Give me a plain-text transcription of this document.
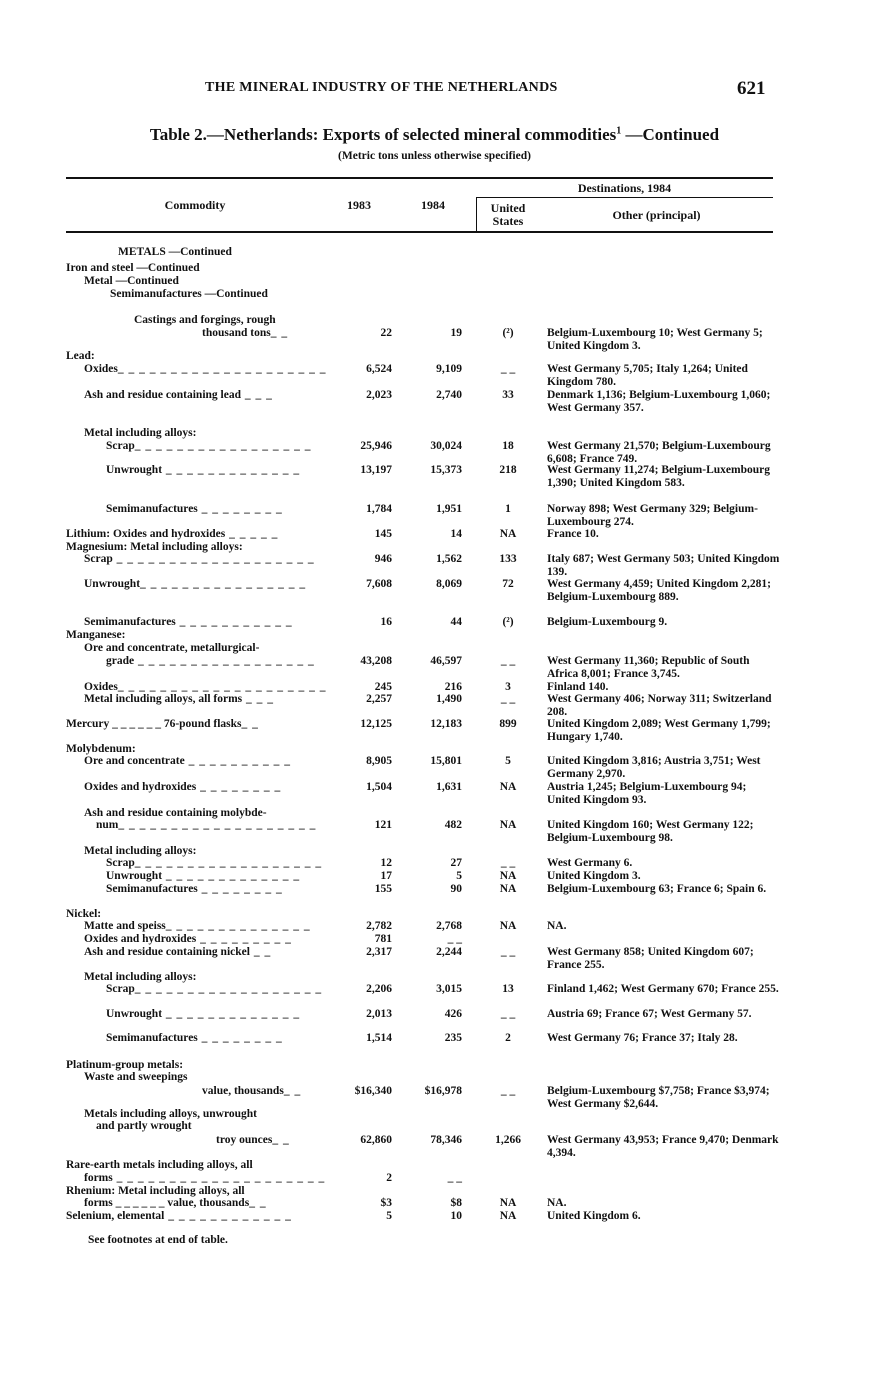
THE MINERAL INDUSTRY OF THE NETHERLANDS	621
Table 2.—Netherlands: Exports of selected mineral commodities$^1$ —Continued
(Metric tons unless otherwise specified)
Commodity	1983	1984
Destinations, 1984
United States	Other (principal)
METALS —Continued
Iron and steel —Continued
Metal —Continued
Semimanufactures —Continued
Castings and forgings, rough
thousand tons_ _	22	19	(²)	Belgium-Luxembourg 10; West Germany 5; United Kingdom 3.
Lead:
Oxides_ _ _ _ _ _ _ _ _ _ _ _ _ _ _ _ _ _ _ _	6,524	9,109	_ _	West Germany 5,705; Italy 1,264; United Kingdom 780.
Ash and residue containing lead _ _ _	2,023	2,740	33	Denmark 1,136; Belgium-Luxembourg 1,060; West Germany 357.
Metal including alloys:
Scrap_ _ _ _ _ _ _ _ _ _ _ _ _ _ _ _ _	25,946	30,024	18	West Germany 21,570; Belgium-Luxembourg 6,608; France 749.
Unwrought _ _ _ _ _ _ _ _ _ _ _ _ _	13,197	15,373	218	West Germany 11,274; Belgium-Luxembourg 1,390; United Kingdom 583.
Semimanufactures _ _ _ _ _ _ _ _	1,784	1,951	1	Norway 898; West Germany 329; Belgium-Luxembourg 274.
Lithium: Oxides and hydroxides _ _ _ _ _	145	14	NA	France 10.
Magnesium: Metal including alloys:
Scrap _ _ _ _ _ _ _ _ _ _ _ _ _ _ _ _ _ _ _	946	1,562	133	Italy 687; West Germany 503; United Kingdom 139.
Unwrought_ _ _ _ _ _ _ _ _ _ _ _ _ _ _ _	7,608	8,069	72	West Germany 4,459; United Kingdom 2,281; Belgium-Luxembourg 889.
Semimanufactures _ _ _ _ _ _ _ _ _ _ _	16	44	(²)	Belgium-Luxembourg 9.
Manganese:
Ore and concentrate, metallurgical-
grade _ _ _ _ _ _ _ _ _ _ _ _ _ _ _ _ _	43,208	46,597	_ _	West Germany 11,360; Republic of South Africa 8,001; France 3,745.
Oxides_ _ _ _ _ _ _ _ _ _ _ _ _ _ _ _ _ _ _ _	245	216	3	Finland 140.
Metal including alloys, all forms _ _ _	2,257	1,490	_ _	West Germany 406; Norway 311; Switzerland 208.
Mercury _ _ _ _ _ _ 76-pound flasks_ _	12,125	12,183	899	United Kingdom 2,089; West Germany 1,799; Hungary 1,740.
Molybdenum:
Ore and concentrate _ _ _ _ _ _ _ _ _ _	8,905	15,801	5	United Kingdom 3,816; Austria 3,751; West Germany 2,970.
Oxides and hydroxides _ _ _ _ _ _ _ _	1,504	1,631	NA	Austria 1,245; Belgium-Luxembourg 94; United Kingdom 93.
Ash and residue containing molybde-
num_ _ _ _ _ _ _ _ _ _ _ _ _ _ _ _ _ _ _	121	482	NA	United Kingdom 160; West Germany 122; Belgium-Luxembourg 98.
Metal including alloys:
Scrap_ _ _ _ _ _ _ _ _ _ _ _ _ _ _ _ _ _	12	27	_ _	West Germany 6.
Unwrought _ _ _ _ _ _ _ _ _ _ _ _ _	17	5	NA	United Kingdom 3.
Semimanufactures _ _ _ _ _ _ _ _	155	90	NA	Belgium-Luxembourg 63; France 6; Spain 6.
Nickel:
Matte and speiss_ _ _ _ _ _ _ _ _ _ _ _ _ _	2,782	2,768	NA	NA.
Oxides and hydroxides _ _ _ _ _ _ _ _ _	781	_ _
Ash and residue containing nickel _ _	2,317	2,244	_ _	West Germany 858; United Kingdom 607; France 255.
Metal including alloys:
Scrap_ _ _ _ _ _ _ _ _ _ _ _ _ _ _ _ _ _	2,206	3,015	13	Finland 1,462; West Germany 670; France 255.
Unwrought _ _ _ _ _ _ _ _ _ _ _ _ _	2,013	426	_ _	Austria 69; France 67; West Germany 57.
Semimanufactures _ _ _ _ _ _ _ _	1,514	235	2	West Germany 76; France 37; Italy 28.
Platinum-group metals:
Waste and sweepings
value, thousands_ _	$16,340	$16,978	_ _	Belgium-Luxembourg $7,758; France $3,974; West Germany $2,644.
Metals including alloys, unwrought
and partly wrought
troy ounces_ _	62,860	78,346	1,266	West Germany 43,953; France 9,470; Denmark 4,394.
Rare-earth metals including alloys, all
forms _ _ _ _ _ _ _ _ _ _ _ _ _ _ _ _ _ _ _ _	2	_ _
Rhenium: Metal including alloys, all
forms _ _ _ _ _ _ value, thousands_ _	$3	$8	NA	NA.
Selenium, elemental _ _ _ _ _ _ _ _ _ _ _ _	5	10	NA	United Kingdom 6.
See footnotes at end of table.
